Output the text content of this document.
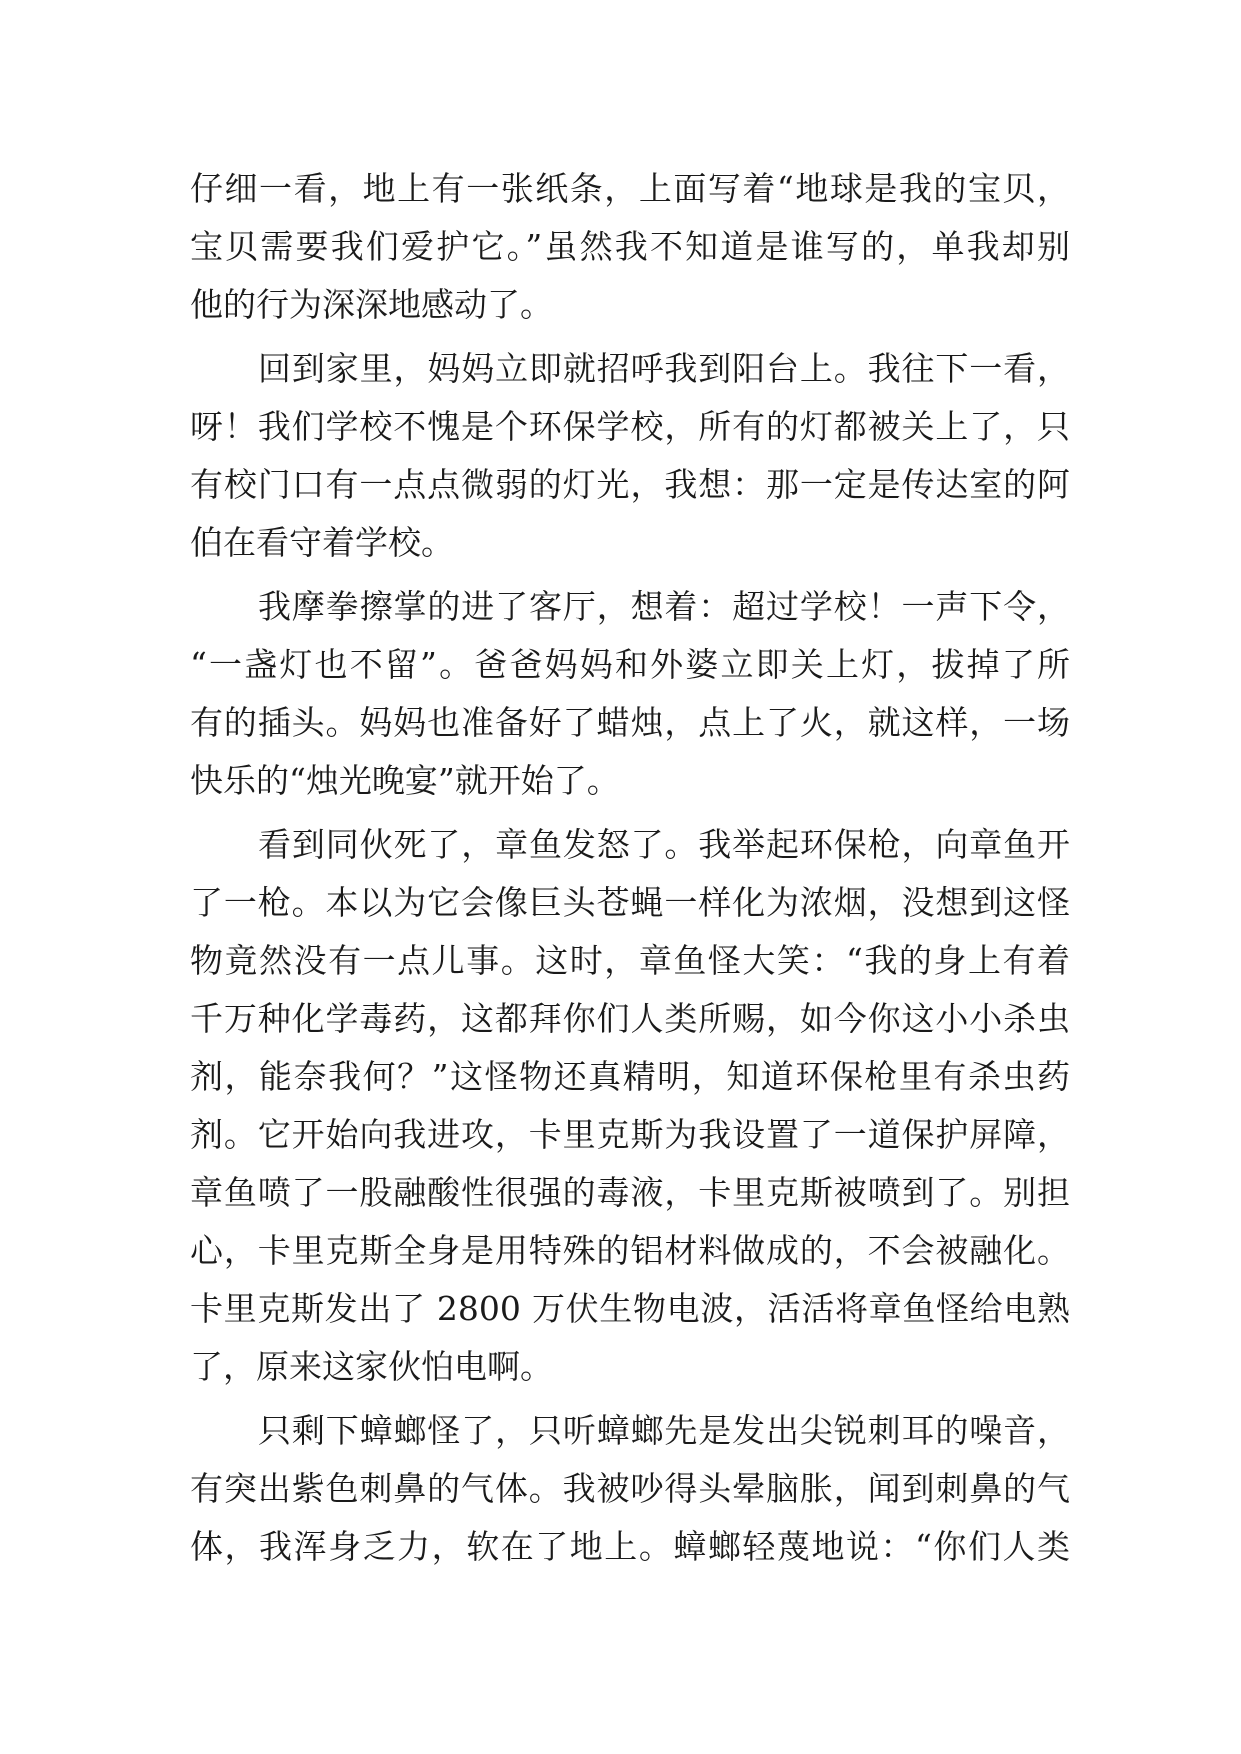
仔细一看，地上有一张纸条，上面写着“地球是我的宝贝，
宝贝需要我们爱护它。”虽然我不知道是谁写的，单我却别
他的行为深深地感动了。
回到家里，妈妈立即就招呼我到阳台上。我往下一看，
呀！我们学校不愧是个环保学校，所有的灯都被关上了，只
有校门口有一点点微弱的灯光，我想：那一定是传达室的阿
伯在看守着学校。
我摩拳擦掌的进了客厅，想着：超过学校！一声下令，
“一盏灯也不留”。爸爸妈妈和外婆立即关上灯，拔掉了所
有的插头。妈妈也准备好了蜡烛，点上了火，就这样，一场
快乐的“烛光晚宴”就开始了。
看到同伙死了，章鱼发怒了。我举起环保枪，向章鱼开
了一枪。本以为它会像巨头苍蝇一样化为浓烟，没想到这怪
物竟然没有一点儿事。这时，章鱼怪大笑：“我的身上有着
千万种化学毒药，这都拜你们人类所赐，如今你这小小杀虫
剂，能奈我何？”这怪物还真精明，知道环保枪里有杀虫药
剂。它开始向我进攻，卡里克斯为我设置了一道保护屏障，
章鱼喷了一股融酸性很强的毒液，卡里克斯被喷到了。别担
心，卡里克斯全身是用特殊的铝材料做成的，不会被融化。
卡里克斯发出了 2800 万伏生物电波，活活将章鱼怪给电熟
了，原来这家伙怕电啊。
只剩下蟑螂怪了，只听蟑螂先是发出尖锐刺耳的噪音，
有突出紫色刺鼻的气体。我被吵得头晕脑胀，闻到刺鼻的气
体，我浑身乏力，软在了地上。蟑螂轻蔑地说：“你们人类
